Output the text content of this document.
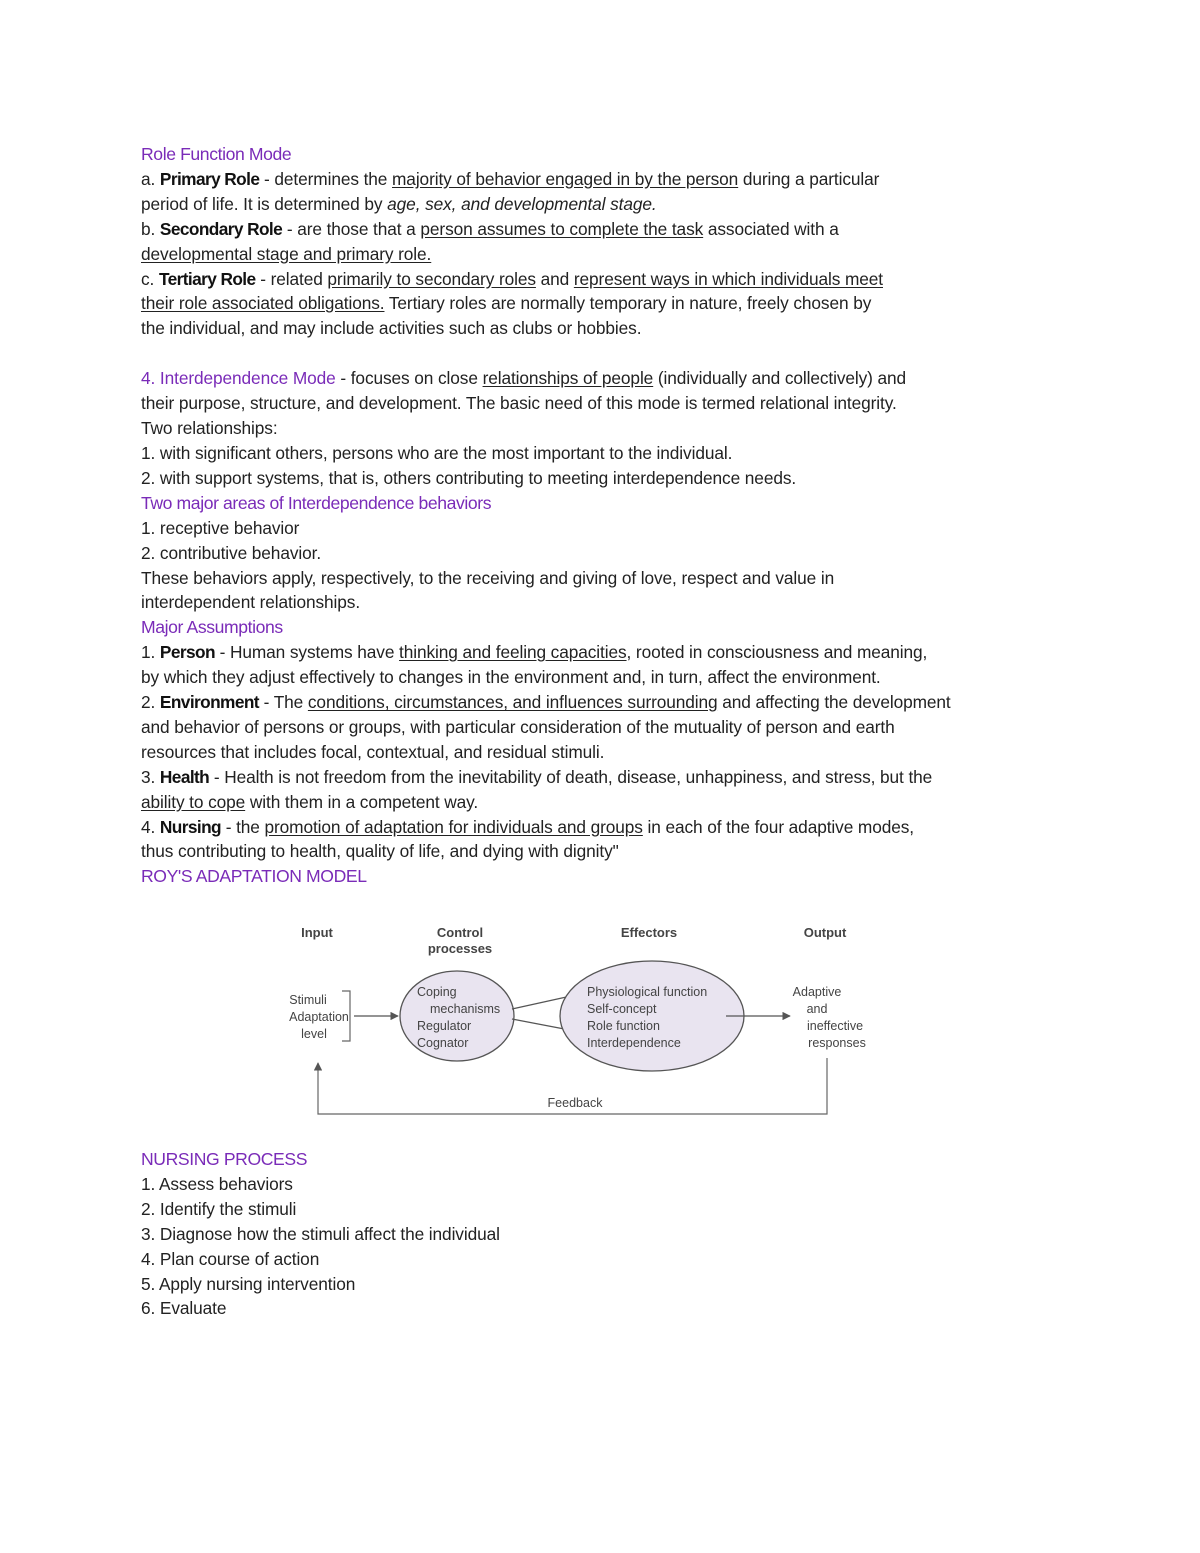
Role Function Mode
a. Primary Role - determines the majority of behavior engaged in by the person during a particular
period of life. It is determined by age, sex, and developmental stage.
b. Secondary Role - are those that a person assumes to complete the task associated with a
developmental stage and primary role.
c. Tertiary Role - related primarily to secondary roles and represent ways in which individuals meet
their role associated obligations. Tertiary roles are normally temporary in nature, freely chosen by
the individual, and may include activities such as clubs or hobbies.
4. Interdependence Mode - focuses on close relationships of people (individually and collectively) and
their purpose, structure, and development. The basic need of this mode is termed relational integrity.
Two relationships:
1. with significant others, persons who are the most important to the individual.
2. with support systems, that is, others contributing to meeting interdependence needs.
Two major areas of Interdependence behaviors
1. receptive behavior
2. contributive behavior.
These behaviors apply, respectively, to the receiving and giving of love, respect and value in
interdependent relationships.
Major Assumptions
1. Person - Human systems have thinking and feeling capacities, rooted in consciousness and meaning,
by which they adjust effectively to changes in the environment and, in turn, affect the environment.
2. Environment - The conditions, circumstances, and influences surrounding and affecting the development
and behavior of persons or groups, with particular consideration of the mutuality of person and earth
resources that includes focal, contextual, and residual stimuli.
3. Health - Health is not freedom from the inevitability of death, disease, unhappiness, and stress, but the
ability to cope with them in a competent way.
4. Nursing - the promotion of adaptation for individuals and groups in each of the four adaptive modes,
thus contributing to health, quality of life, and dying with dignity"
ROY'S ADAPTATION MODEL
Input	Control
processes
Effectors	Output
Stimuli
Adaptation
level
Coping
mechanisms
Regulator
Cognator
Physiological function
Self-concept
Role function
Interdependence
Adaptive
and
ineffective
responses
Feedback
NURSING PROCESS
1. Assess behaviors
2. Identify the stimuli
3. Diagnose how the stimuli affect the individual
4. Plan course of action
5. Apply nursing intervention
6. Evaluate
